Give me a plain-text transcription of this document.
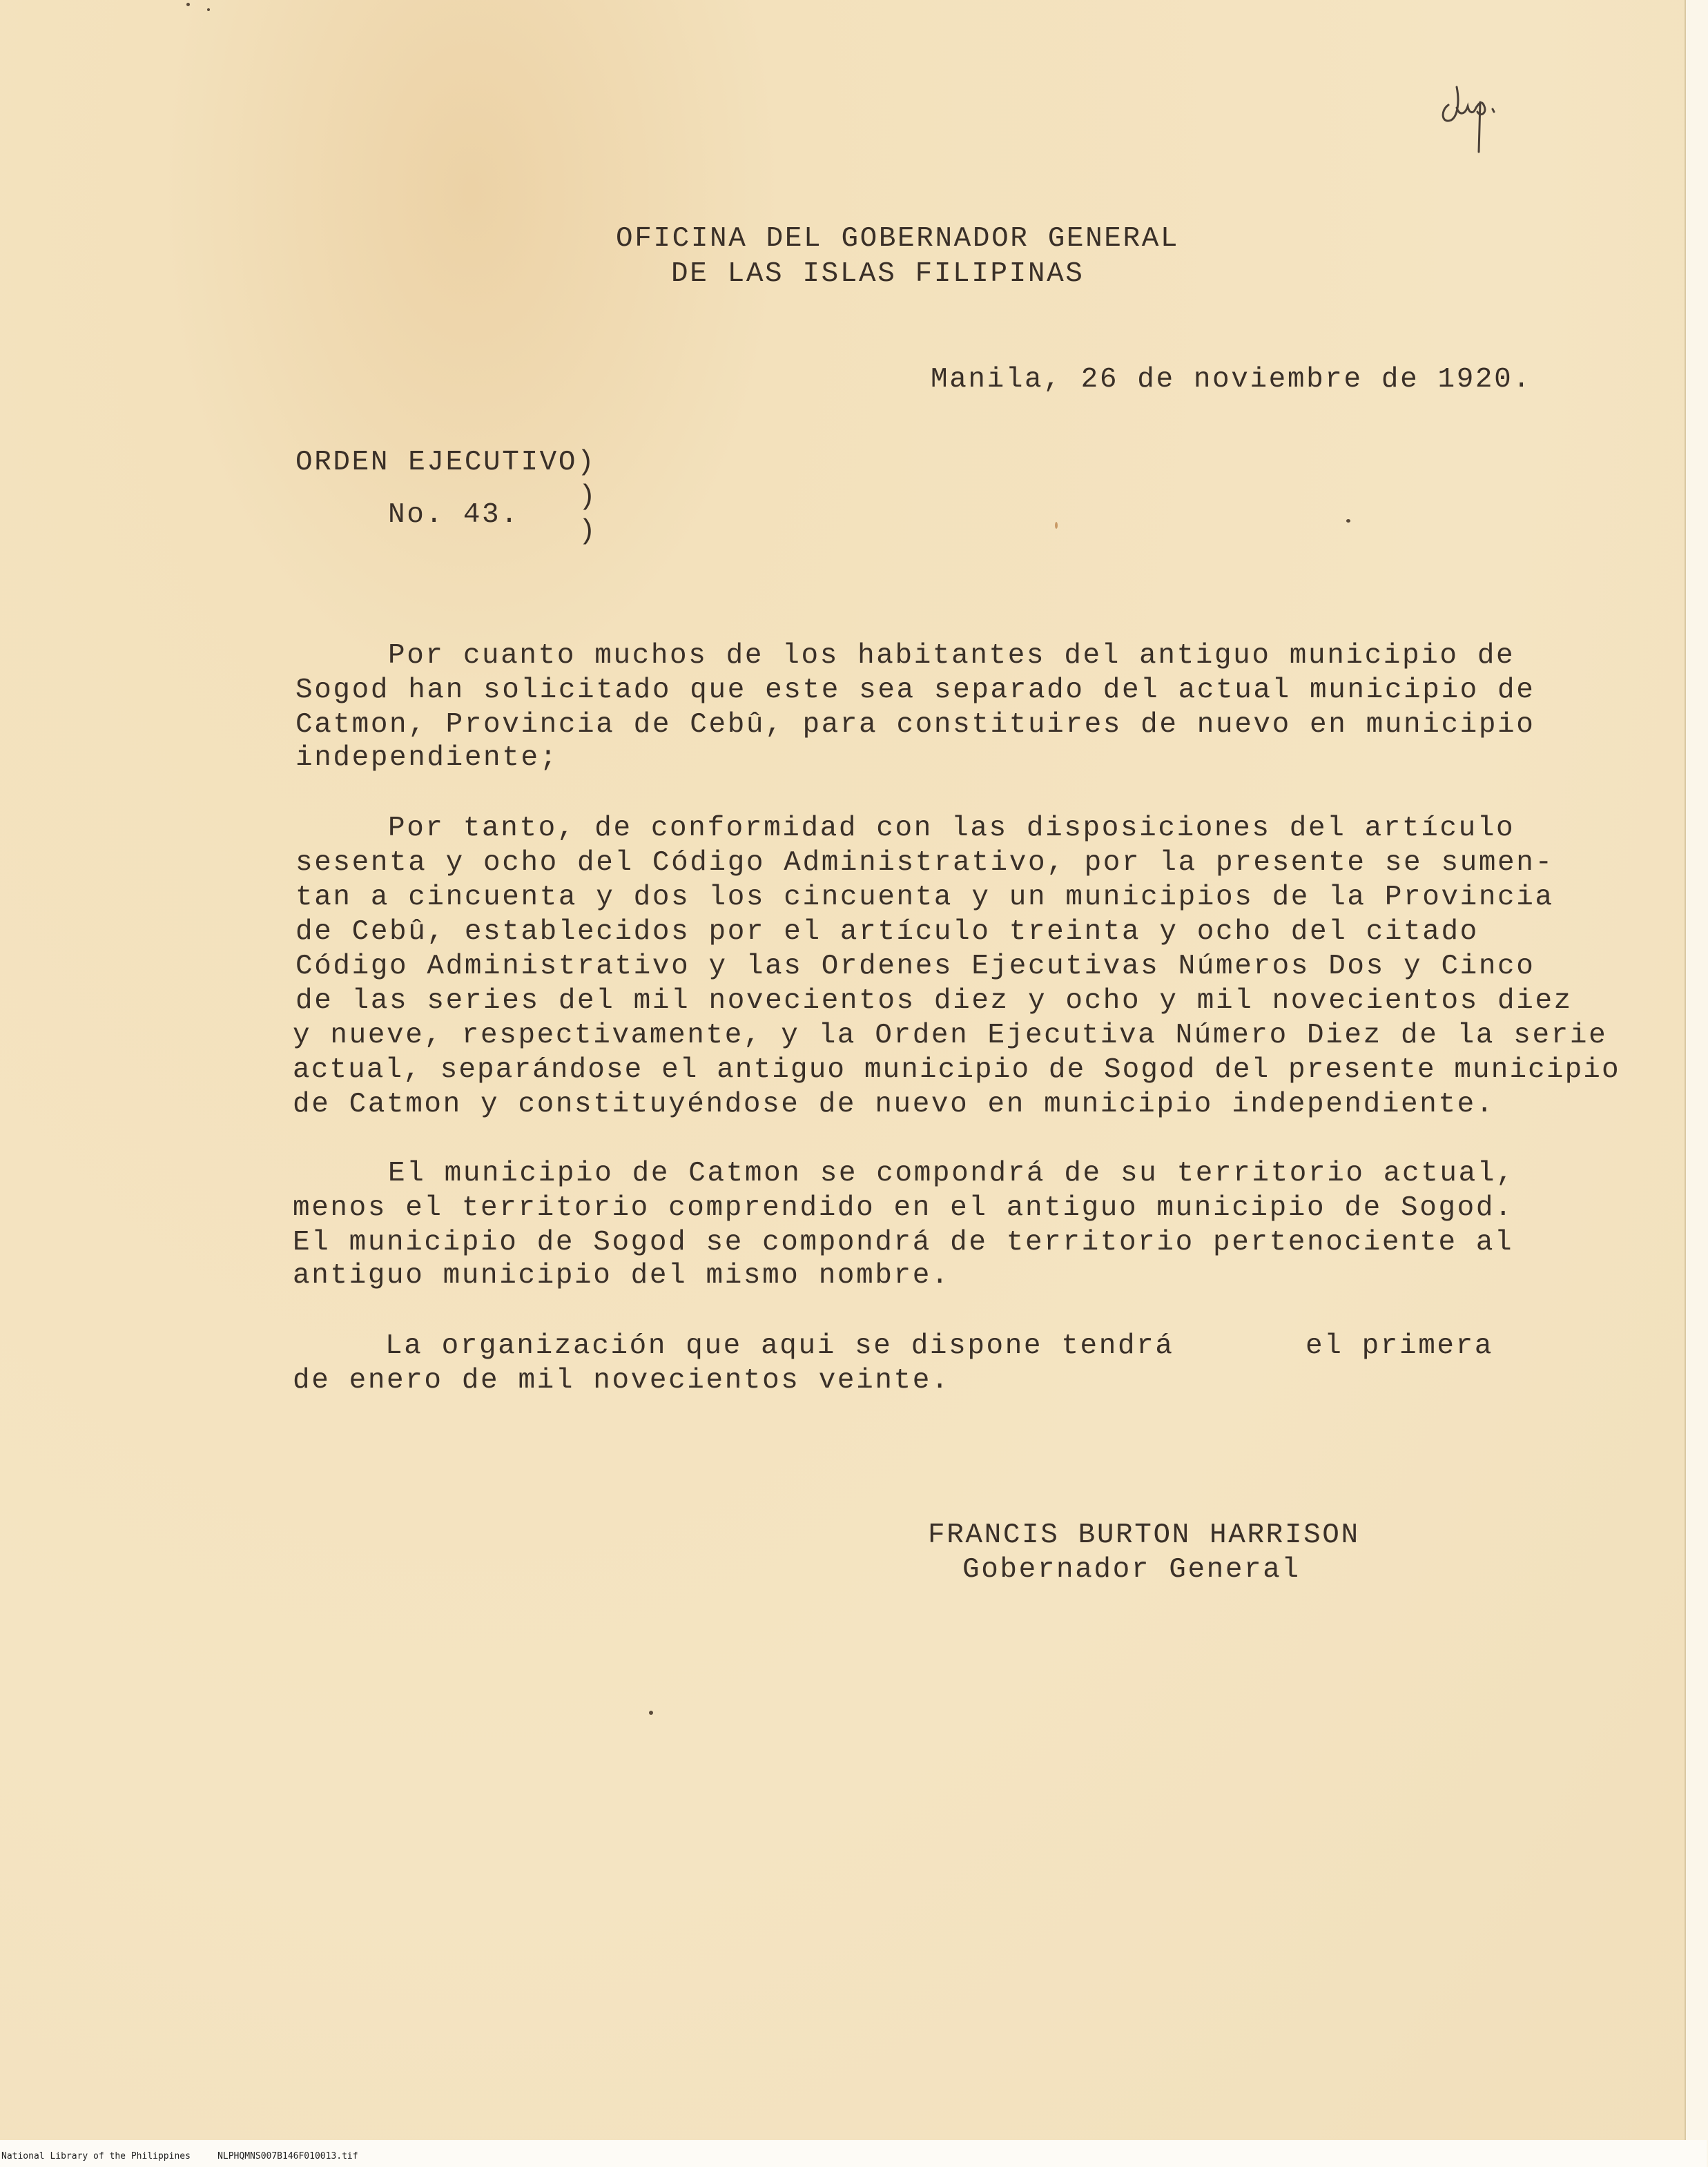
OFICINA DEL GOBERNADOR GENERAL
DE LAS ISLAS FILIPINAS
Manila, 26 de noviembre de 1920.
ORDEN EJECUTIVO)
)
No. 43.
)
Por cuanto muchos de los habitantes del antiguo municipio de
Sogod han solicitado que este sea separado del actual municipio de
Catmon, Provincia de Cebû, para constituires de nuevo en municipio
independiente;
Por tanto, de conformidad con las disposiciones del artículo
sesenta y ocho del Código Administrativo, por la presente se sumen-
tan a cincuenta y dos los cincuenta y un municipios de la Provincia
de Cebû, establecidos por el artículo treinta y ocho del citado
Código Administrativo y las Ordenes Ejecutivas Números Dos y Cinco
de las series del mil novecientos diez y ocho y mil novecientos diez
y nueve, respectivamente, y la Orden Ejecutiva Número Diez de la serie
actual, separándose el antiguo municipio de Sogod del presente municipio
de Catmon y constituyéndose de nuevo en municipio independiente.
El municipio de Catmon se compondrá de su territorio actual,
menos el territorio comprendido en el antiguo municipio de Sogod.
El municipio de Sogod se compondrá de territorio pertenociente al
antiguo municipio del mismo nombre.
La organización que aqui se dispone tendrá       el primera
de enero de mil novecientos veinte.
FRANCIS BURTON HARRISON
Gobernador General
National Library of the Philippines	NLPHQMNS007B146F010013.tif
